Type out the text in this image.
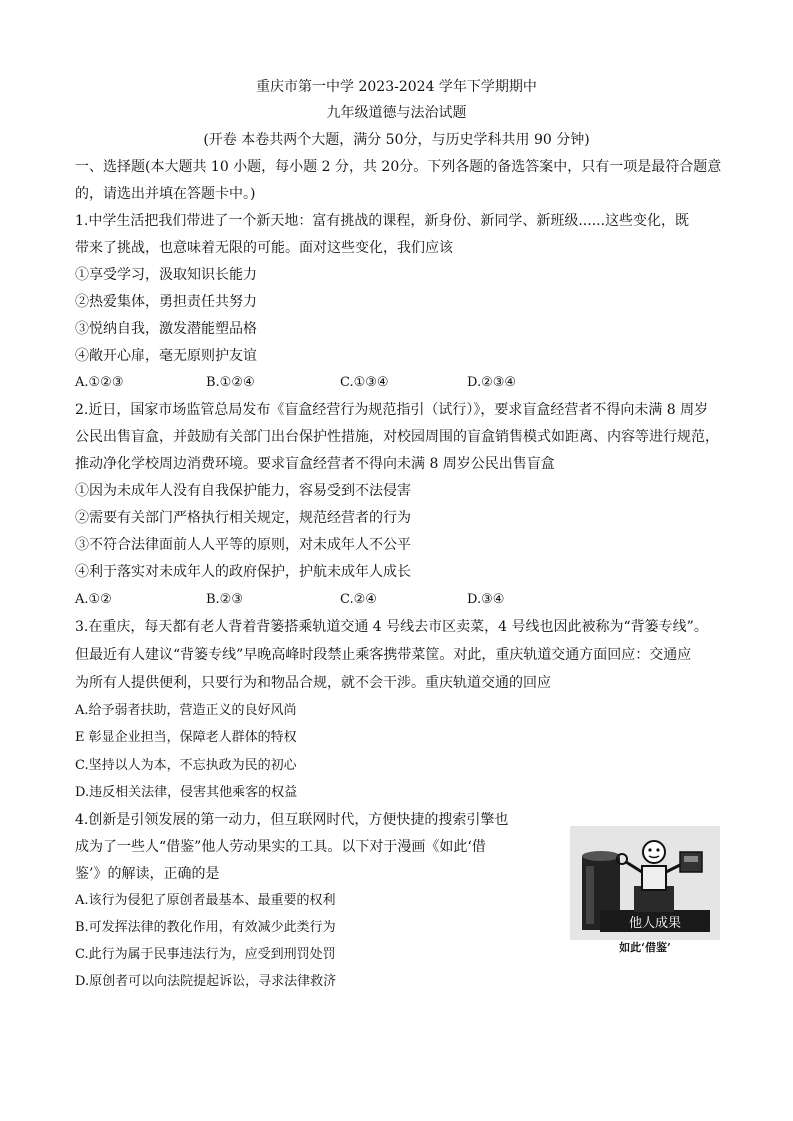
重庆市第一中学 2023-2024 学年下学期期中
九年级道德与法治试题
(开卷 本卷共两个大题，满分 50分，与历史学科共用 90 分钟)
一、选择题(本大题共 10 小题，每小题 2 分，共 20分。下列各题的备选答案中，只有一项是最符合题意
的，请选出并填在答题卡中。)
1.中学生活把我们带进了一个新天地：富有挑战的课程，新身份、新同学、新班级......这些变化，既
带来了挑战，也意味着无限的可能。面对这些变化，我们应该
①享受学习，汲取知识长能力
②热爱集体，勇担责任共努力
③悦纳自我，激发潜能塑品格
④敞开心扉，毫无原则护友谊
A.①②③	B.①②④	C.①③④	D.②③④
2.近日，国家市场监管总局发布《盲盒经营行为规范指引（试行）》，要求盲盒经营者不得向未满 8 周岁
公民出售盲盒，并鼓励有关部门出台保护性措施，对校园周围的盲盒销售模式如距离、内容等进行规范，
推动净化学校周边消费环境。要求盲盒经营者不得向未满 8 周岁公民出售盲盒
①因为未成年人没有自我保护能力，容易受到不法侵害
②需要有关部门严格执行相关规定，规范经营者的行为
③不符合法律面前人人平等的原则，对未成年人不公平
④利于落实对未成年人的政府保护，护航未成年人成长
A.①②	B.②③	C.②④	D.③④
3.在重庆，每天都有老人背着背篓搭乘轨道交通 4 号线去市区卖菜，4 号线也因此被称为“背篓专线”。
但最近有人建议“背篓专线”早晚高峰时段禁止乘客携带菜筐。对此，重庆轨道交通方面回应：交通应
为所有人提供便利，只要行为和物品合规，就不会干涉。重庆轨道交通的回应
A.给予弱者扶助，营造正义的良好风尚
E 彰显企业担当，保障老人群体的特权
C.坚持以人为本，不忘执政为民的初心
D.违反相关法律，侵害其他乘客的权益
4.创新是引领发展的第一动力，但互联网时代，方便快捷的搜索引擎也
成为了一些人“借鉴”他人劳动果实的工具。以下对于漫画《如此‘借
鉴’》的解读，正确的是
A.该行为侵犯了原创者最基本、最重要的权利
B.可发挥法律的教化作用，有效减少此类行为
C.此行为属于民事违法行为，应受到刑罚处罚
D.原创者可以向法院提起诉讼，寻求法律救济
他人成果
如此‘借鉴’
